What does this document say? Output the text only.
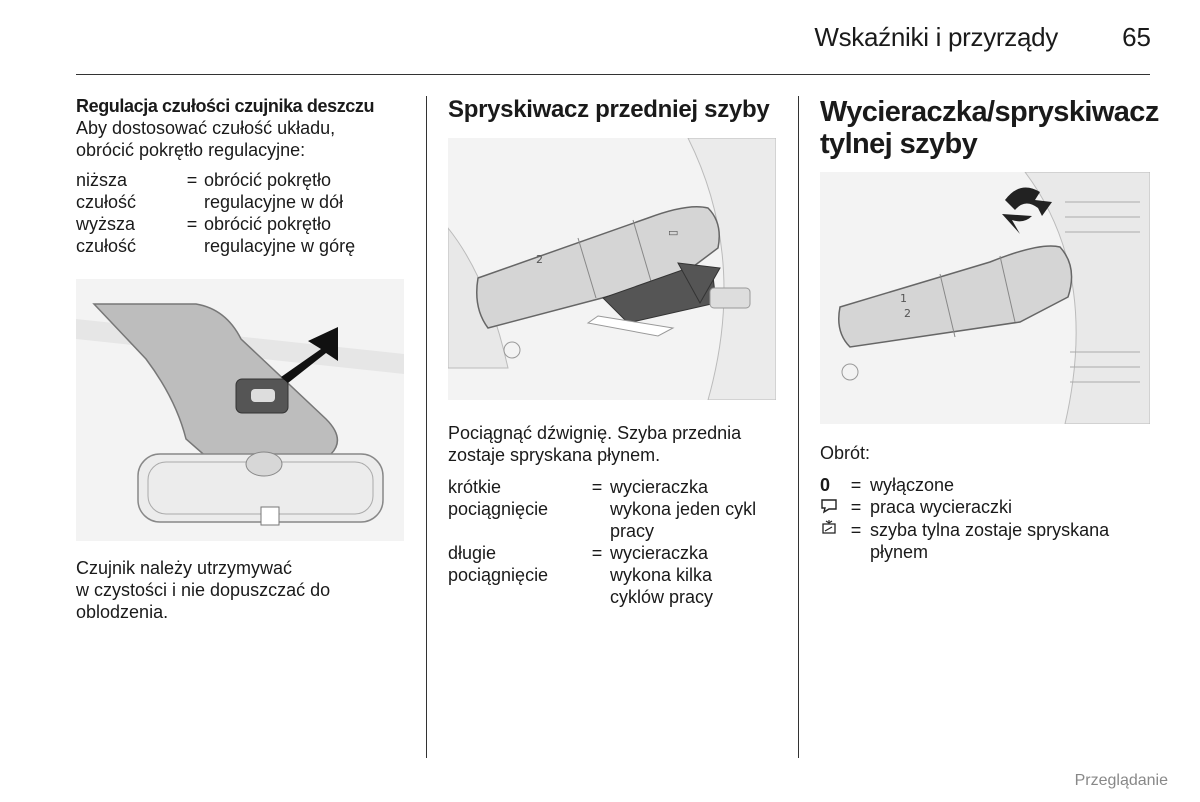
Wskaźniki i przyrządy	65

Regulacja czułości czujnika deszczu

Aby dostosować czułość układu,
obrócić pokrętło regulacyjne:

niższa
czułość
= obrócić pokrętło
regulacyjne w dół
wyższa
czułość
= obrócić pokrętło
regulacyjne w górę

Czujnik należy utrzymywać
w czystości i nie dopuszczać do
oblodzenia.

Spryskiwacz przedniej szyby
2
▭

Pociągnąć dźwignię. Szyba przednia
zostaje spryskana płynem.

krótkie
pociągnięcie
= wycieraczka
wykona jeden cykl
pracy
długie
pociągnięcie
= wycieraczka
wykona kilka
cyklów pracy
Wycieraczka/spryskiwacz
tylnej szyby
1
2

Obrót:

0	= wyłączone
= praca wycieraczki
= szyba tylna zostaje spryskana
płynem
Przeglądanie
